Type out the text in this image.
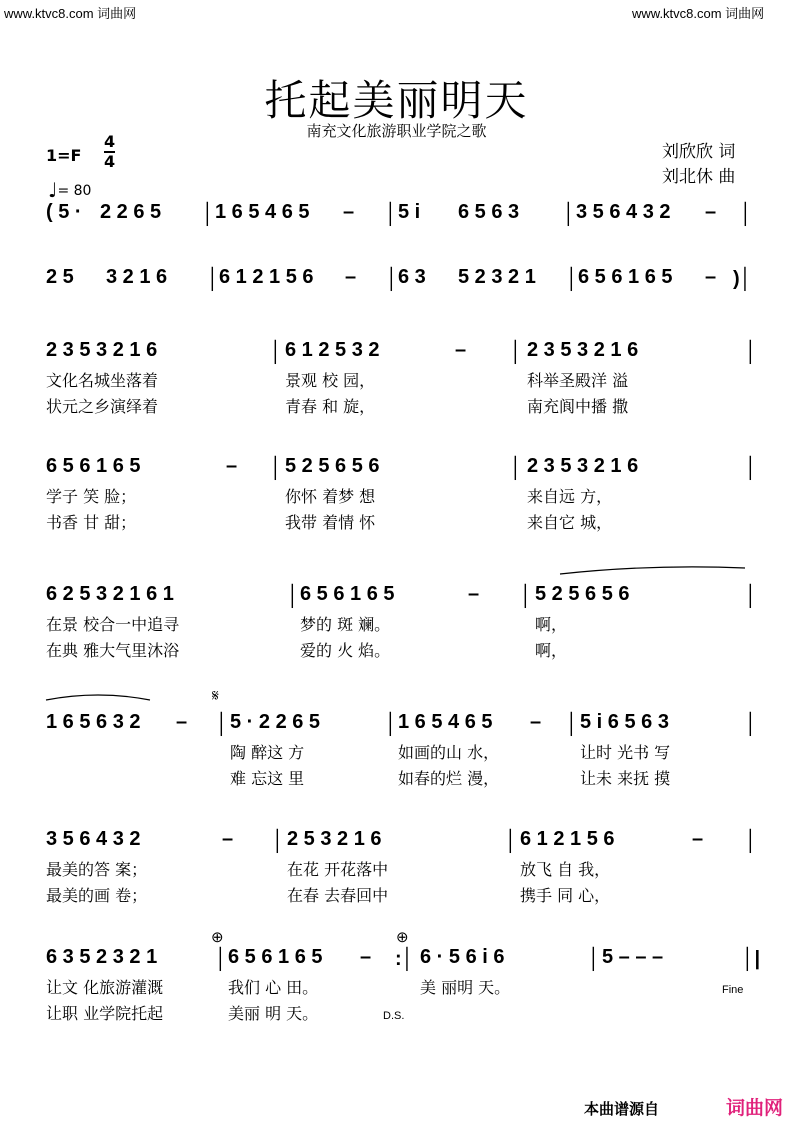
www.ktvc8.com 词曲网	www.ktvc8.com 词曲网
托起美丽明天
南充文化旅游职业学院之歌
刘欣欣 词
刘北休 曲
1=F
4
4
♩= 80
𝄋
⊕	⊕
( 5 · 2 2 6 5 │ 1 6 5 4 6 5 – │ 5 i 6 5 6 3 │ 3 5 6 4 3 2 – │
2 5 3 2 1 6 │ 6 1 2 1 5 6 – │ 6 3 5 2 3 2 1 │ 6 5 6 1 6 5 – )│
2 3 5 3 2 1 6	│ 6 1 2 5 3 2	– │ 2 3 5 3 2 1 6	│
文化名城坐落着	景观 校 园，	科举圣殿洋 溢
状元之乡演绎着	青春 和 旋，	南充阆中播 撒
6 5 6 1 6 5	– │ 5 2 5 6 5 6	│ 2 3 5 3 2 1 6	│
学子 笑 脸；	你怀 着梦 想	来自远 方，
书香 甘 甜；	我带 着情 怀	来自它 城，
6 2 5 3 2 1 6 1	│ 6 5 6 1 6 5	– │ 5 2 5 6 5 6	│
在景 校合一中追寻	梦的 斑 斓。	啊，
在典 雅大气里沐浴	爱的 火 焰。	啊，
1 6 5 6 3 2 – │ 5 · 2 2 6 5	│ 1 6 5 4 6 5 – │ 5 i 6 5 6 3	│
陶 醉这 方	如画的山 水，	让时 光书 写
难 忘这 里	如春的烂 漫，	让未 来抚 摸
3 5 6 4 3 2	– │ 2 5 3 2 1 6	│ 6 1 2 1 5 6	– │
最美的答 案；	在花 开花落中	放飞 自 我，
最美的画 卷；	在春 去春回中	携手 同 心，
6 3 5 2 3 2 1	│ 6 5 6 1 6 5 – :│ 6 · 5 6 i 6	│ 5 – – –	│|
让文 化旅游灌溉	我们 心 田。	美 丽明 天。	Fine
让职 业学院托起	美丽 明 天。	D.S.
本曲谱源自	词曲网
